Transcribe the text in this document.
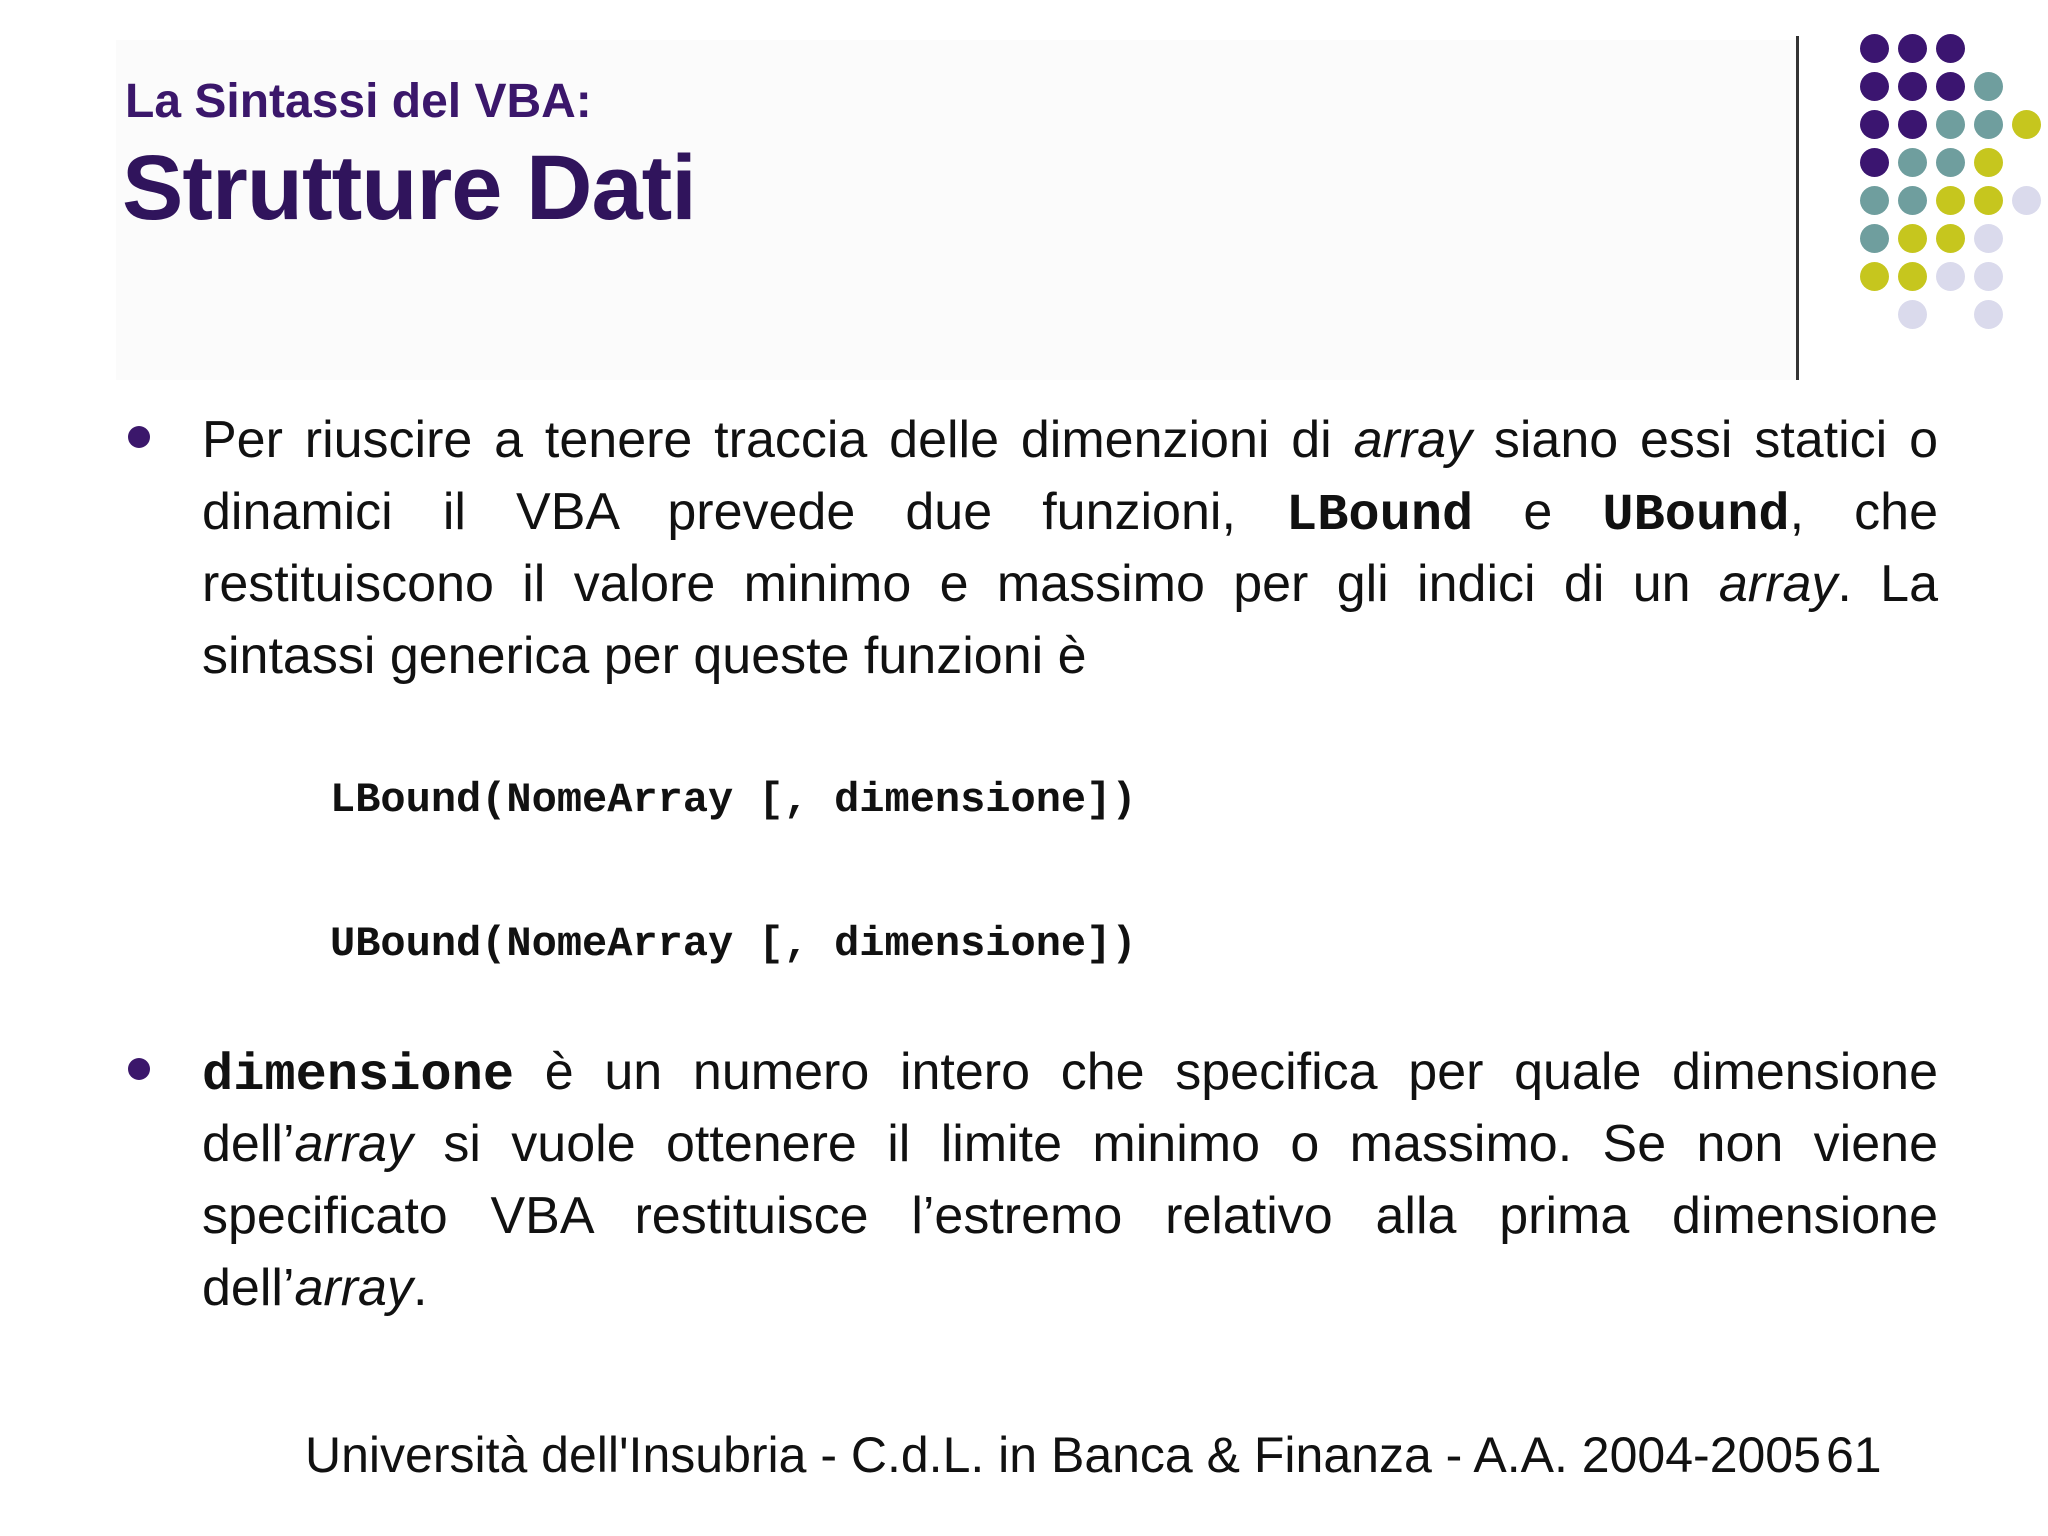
La Sintassi del VBA:
Strutture Dati
Per riuscire a tenere traccia delle dimenzioni di array siano essi statici o
dinamici il VBA prevede due funzioni, LBound e UBound, che
restituiscono il valore minimo e massimo per gli indici di un array. La
sintassi generica per queste funzioni è
LBound(NomeArray [, dimensione])
UBound(NomeArray [, dimensione])
dimensione è un numero intero che specifica per quale dimensione
dell’array si vuole ottenere il limite minimo o massimo. Se non viene
specificato VBA restituisce l’estremo relativo alla prima dimensione
dell’array.
Università dell'Insubria - C.d.L. in Banca & Finanza - A.A. 2004-2005 61
